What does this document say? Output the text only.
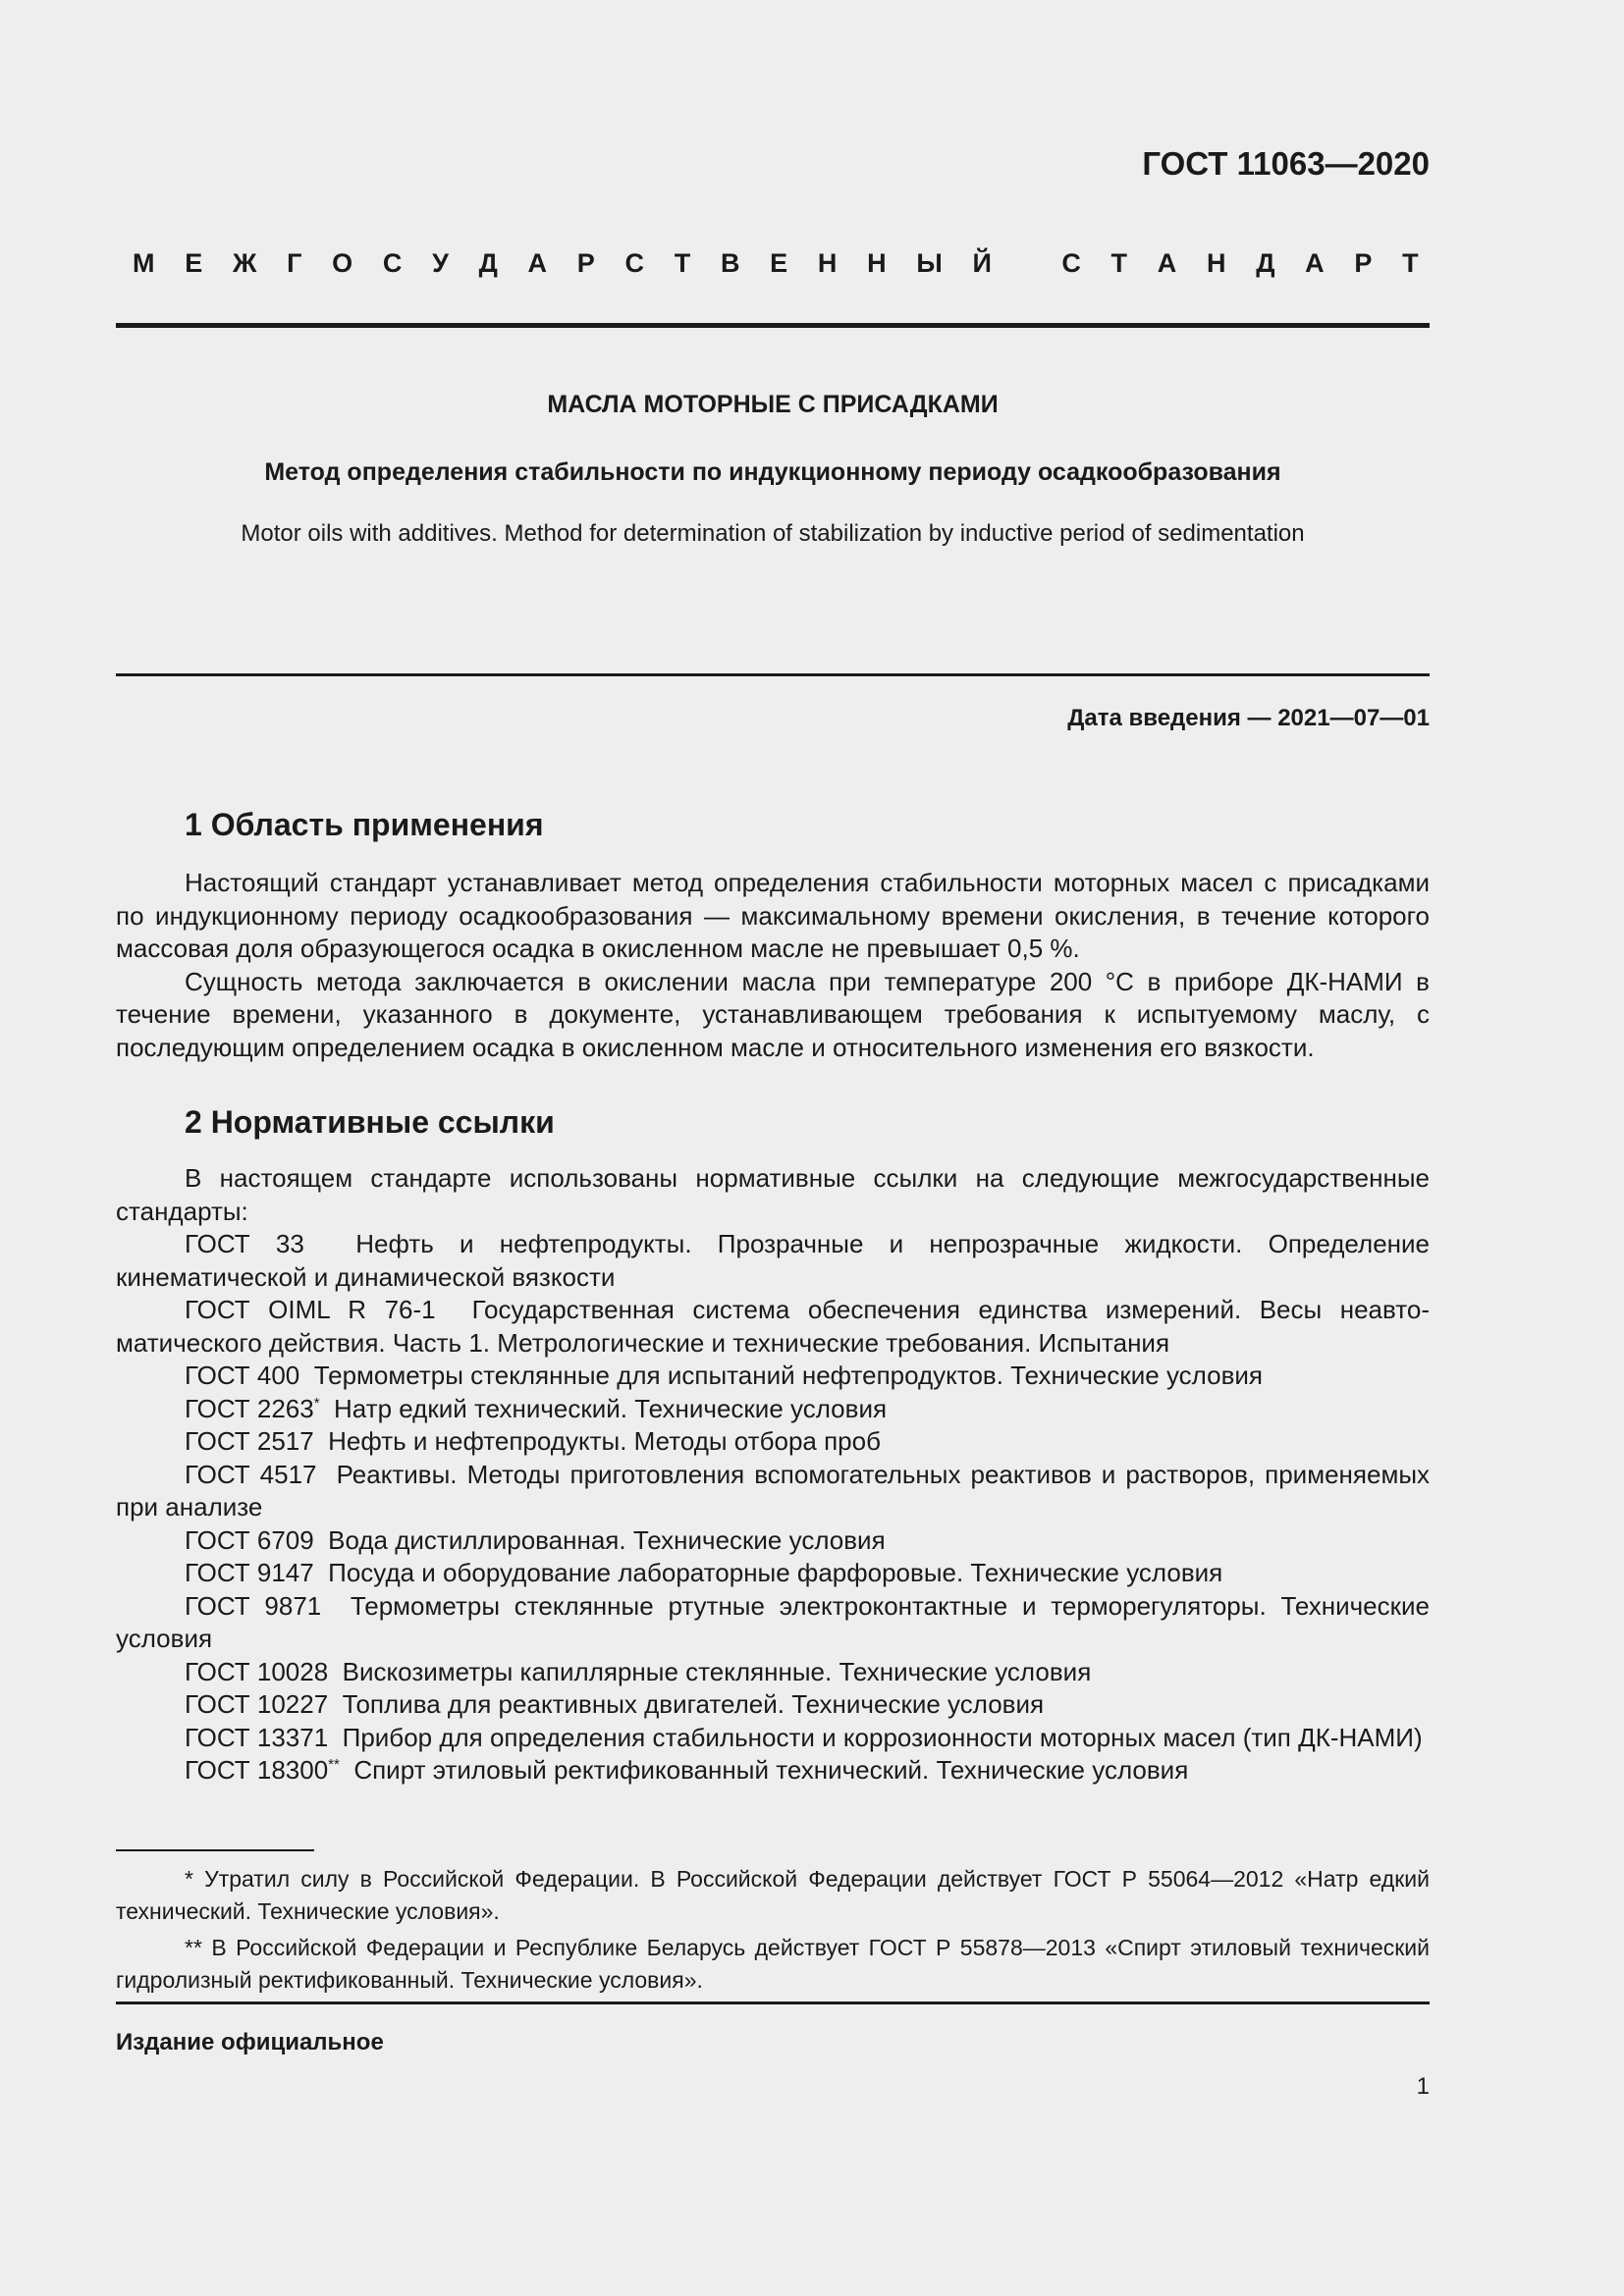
ГОСТ 11063—2020
М Е Ж Г О С У Д А Р С Т В Е Н Н Ы Й	С Т А Н Д А Р Т
МАСЛА МОТОРНЫЕ С ПРИСАДКАМИ
Метод определения стабильности по индукционному периоду осадкообразования
Motor oils with additives. Method for determination of stabilization by inductive period of sedimentation
Дата введения — 2021—07—01
1 Область применения

Настоящий стандарт устанавливает метод определения стабильности моторных масел с присадками по индукционному периоду осадкообразования — максимальному времени окисления, в течение которого массовая доля образующегося осадка в окисленном масле не превышает 0,5 %.

Сущность метода заключается в окислении масла при температуре 200 °С в приборе ДК-НАМИ в течение времени, указанного в документе, устанавливающем требования к испытуемому маслу, с последующим определением осадка в окисленном масле и относительного изменения его вязкости.

2 Нормативные ссылки

В настоящем стандарте использованы нормативные ссылки на следующие межгосударственные стандарты:

ГОСТ 33 Нефть и нефтепродукты. Прозрачные и непрозрачные жидкости. Определение кинематической и динамической вязкости

ГОСТ OIML R 76-1 Государственная система обеспечения единства измерений. Весы неавтоматического действия. Часть 1. Метрологические и технические требования. Испытания

ГОСТ 400 Термометры стеклянные для испытаний нефтепродуктов. Технические условия

ГОСТ 2263* Натр едкий технический. Технические условия

ГОСТ 2517 Нефть и нефтепродукты. Методы отбора проб

ГОСТ 4517 Реактивы. Методы приготовления вспомогательных реактивов и растворов, применяемых при анализе

ГОСТ 6709 Вода дистиллированная. Технические условия

ГОСТ 9147 Посуда и оборудование лабораторные фарфоровые. Технические условия

ГОСТ 9871 Термометры стеклянные ртутные электроконтактные и терморегуляторы. Технические условия

ГОСТ 10028 Вискозиметры капиллярные стеклянные. Технические условия

ГОСТ 10227 Топлива для реактивных двигателей. Технические условия

ГОСТ 13371 Прибор для определения стабильности и коррозионности моторных масел (тип ДК-НАМИ)

ГОСТ 18300** Спирт этиловый ректификованный технический. Технические условия

* Утратил силу в Российской Федерации. В Российской Федерации действует ГОСТ Р 55064—2012 «Натр едкий технический. Технические условия».

** В Российской Федерации и Республике Беларусь действует ГОСТ Р 55878—2013 «Спирт этиловый технический гидролизный ректификованный. Технические условия».

Издание официальное
1
